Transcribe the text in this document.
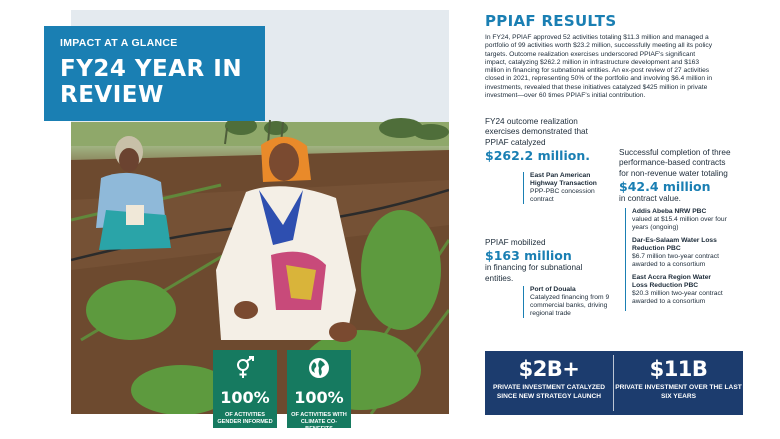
IMPACT AT A GLANCE
FY24 YEAR IN REVIEW
100%
OF ACTIVITIES GENDER INFORMED
100%
OF ACTIVITIES WITH CLIMATE CO-BENEFITS
PPIAF RESULTS
In FY24, PPIAF approved 52 activities totaling $11.3 million and managed a portfolio of 99 activities worth $23.2 million, successfully meeting all its policy targets. Outcome realization exercises underscored PPIAF's significant impact, catalyzing $262.2 million in infrastructure development and $163 million in financing for subnational entities. An ex-post review of 27 activities closed in 2021, representing 50% of the portfolio and involving $6.4 million in investments, revealed that these initiatives catalyzed $425 million in private investment—over 60 times PPIAF's initial contribution.
FY24 outcome realization exercises demonstrated that PPIAF catalyzed
$262.2 million.
East Pan American Highway Transaction
PPP-PBC concession contract
Successful completion of three performance-based contracts for non-revenue water totaling
$42.4 million
in contract value.
Addis Abeba NRW PBC
valued at $15.4 million over four years (ongoing)
Dar-Es-Salaam Water Loss Reduction PBC
$6.7 million two-year contract awarded to a consortium
East Accra Region Water Loss Reduction PBC
$20.3 million two-year contract awarded to a consortium
PPIAF mobilized
$163 million
in financing for subnational entities.
Port of Douala
Catalyzed financing from 9 commercial banks, driving regional trade
$2B+
PRIVATE INVESTMENT CATALYZED SINCE NEW STRATEGY LAUNCH
$11B
PRIVATE INVESTMENT OVER THE LAST SIX YEARS
